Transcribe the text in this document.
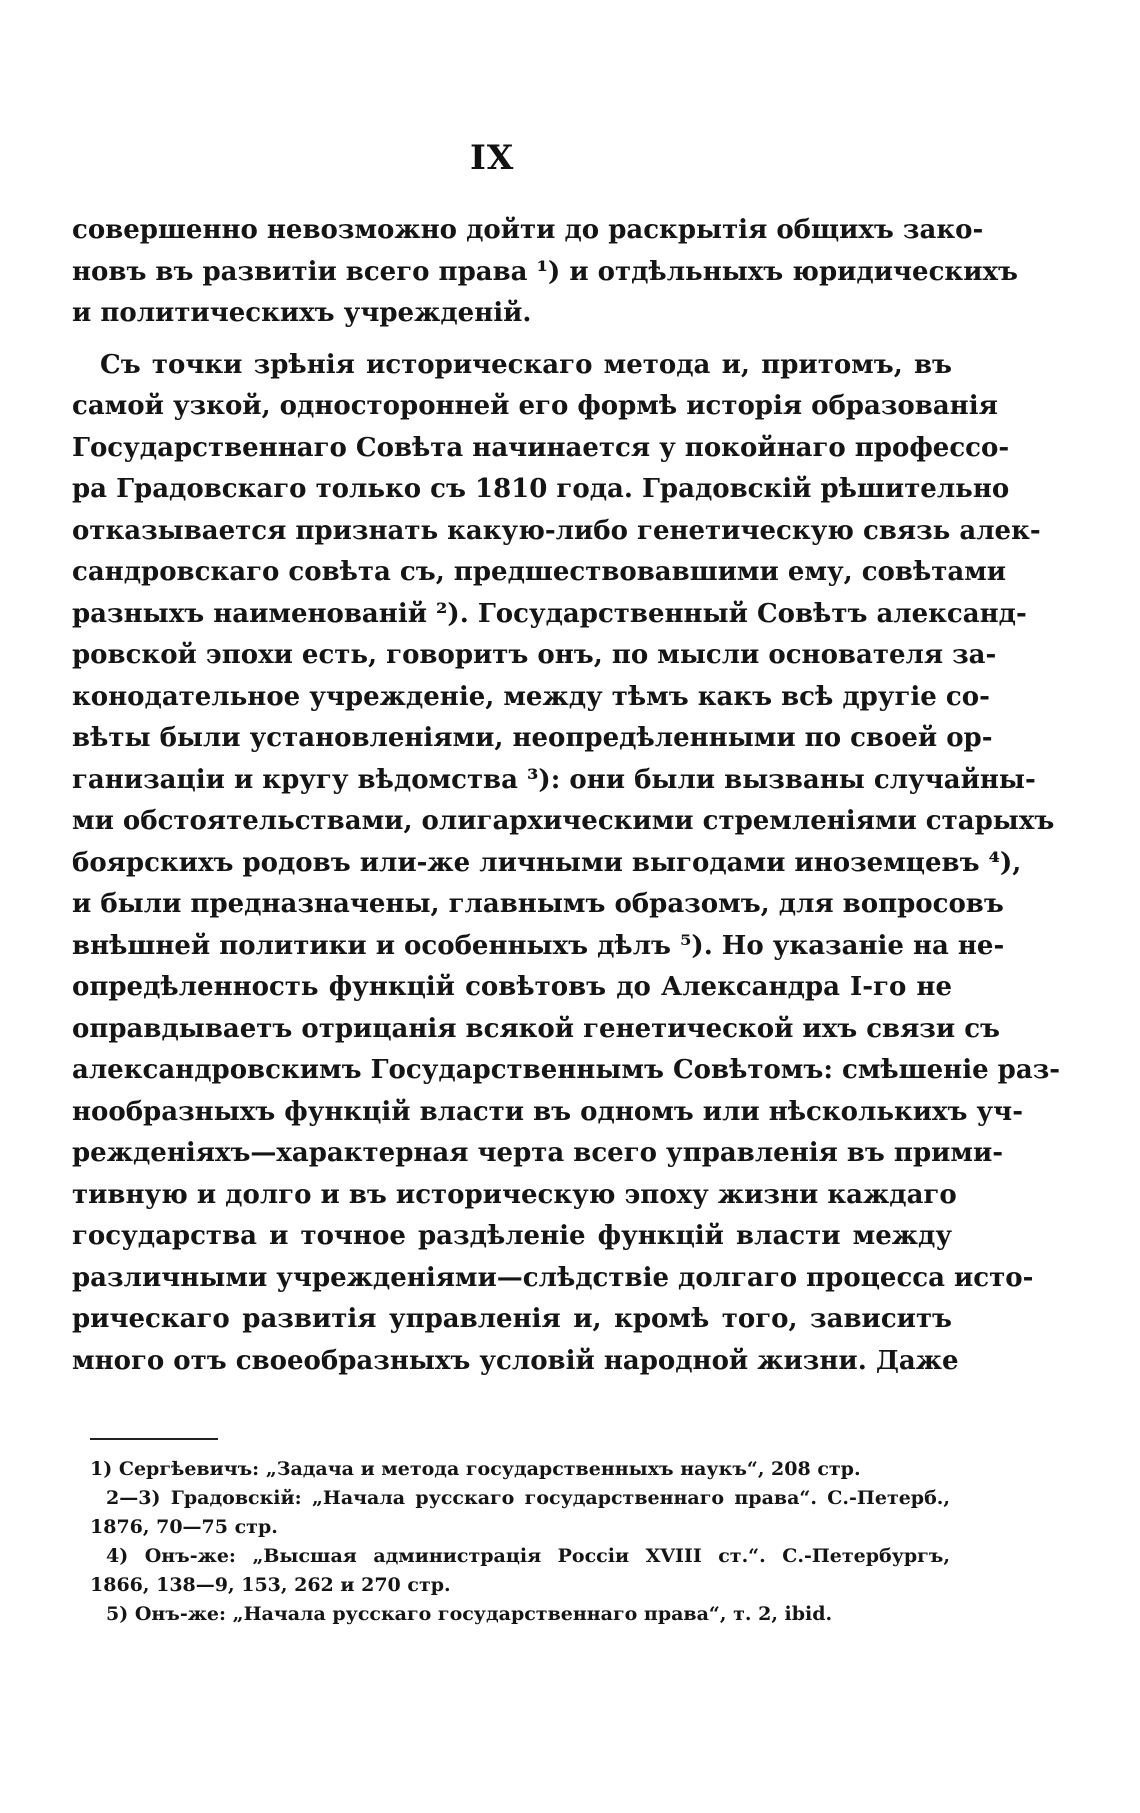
IX
совершенно невозможно дойти до раскрытія общихъ зако-
новъ въ развитіи всего права ¹) и отдѣльныхъ юридическихъ
и политическихъ учрежденій.
Съ точки зрѣнія историческаго метода и, притомъ, въ
самой узкой, односторонней его формѣ исторія образованія
Государственнаго Совѣта начинается у покойнаго профессо-
ра Градовскаго только съ 1810 года. Градовскій рѣшительно
отказывается признать какую-либо генетическую связь алек-
сандровскаго совѣта съ, предшествовавшими ему, совѣтами
разныхъ наименованій ²). Государственный Совѣтъ александ-
ровской эпохи есть, говоритъ онъ, по мысли основателя за-
конодательное учрежденіе, между тѣмъ какъ всѣ другіе со-
вѣты были установленіями, неопредѣленными по своей ор-
ганизаціи и кругу вѣдомства ³): они были вызваны случайны-
ми обстоятельствами, олигархическими стремленіями старыхъ
боярскихъ родовъ или-же личными выгодами иноземцевъ ⁴),
и были предназначены, главнымъ образомъ, для вопросовъ
внѣшней политики и особенныхъ дѣлъ ⁵). Но указаніе на не-
опредѣленность функцій совѣтовъ до Александра I-го не
оправдываетъ отрицанія всякой генетической ихъ связи съ
александровскимъ Государственнымъ Совѣтомъ: смѣшеніе раз-
нообразныхъ функцій власти въ одномъ или нѣсколькихъ уч-
режденіяхъ—характерная черта всего управленія въ прими-
тивную и долго и въ историческую эпоху жизни каждаго
государства и точное раздѣленіе функцій власти между
различными учрежденіями—слѣдствіе долгаго процесса исто-
рическаго развитія управленія и, кромѣ того, зависитъ
много отъ своеобразныхъ условій народной жизни. Даже
1) Сергѣевичъ: „Задача и метода государственныхъ наукъ“, 208 стр.
2—3) Градовскій: „Начала русскаго государственнаго права“. С.-Петерб.,
1876, 70—75 стр.
4) Онъ-же: „Высшая администрація Россіи XVIII ст.“. С.-Петербургъ,
1866, 138—9, 153, 262 и 270 стр.
5) Онъ-же: „Начала русскаго государственнаго права“, т. 2, ibid.
